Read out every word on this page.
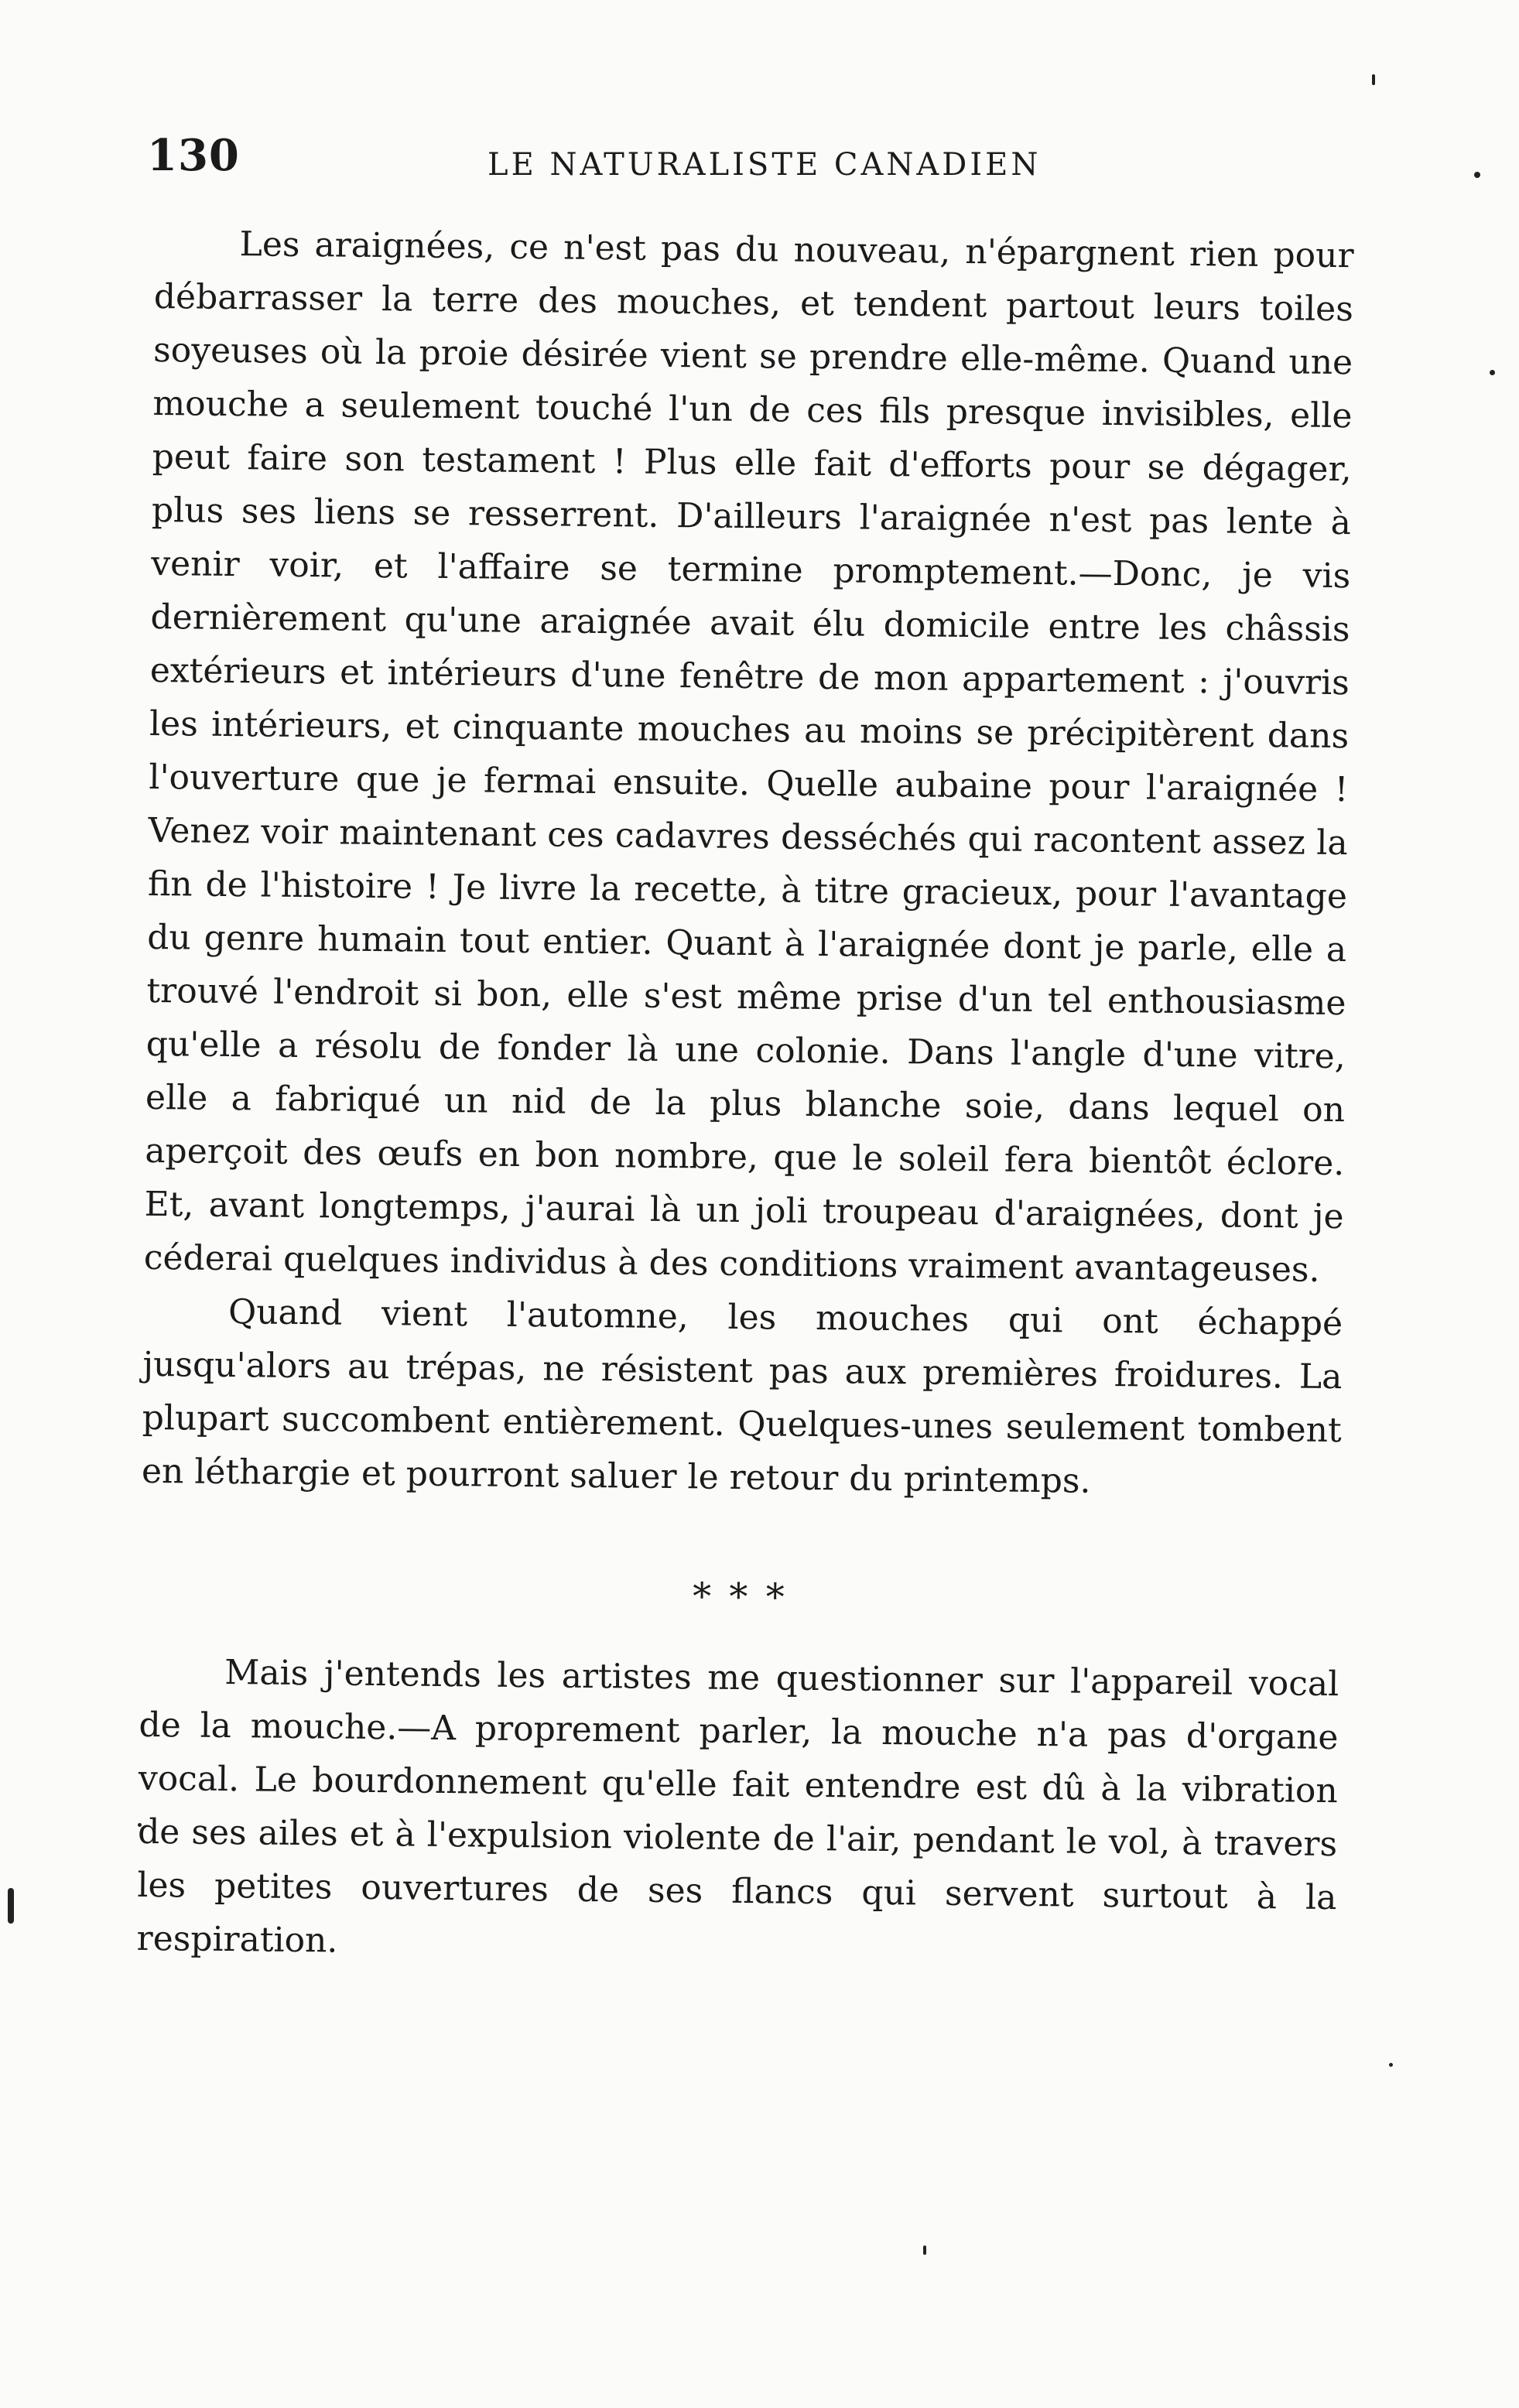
130	LE NATURALISTE CANADIEN

Les araignées, ce n'est pas du nouveau, n'épargnent rien pour débarrasser la terre des mouches, et tendent partout leurs toiles soyeuses où la proie désirée vient se prendre elle-même. Quand une mouche a seulement touché l'un de ces fils presque invisibles, elle peut faire son testament ! Plus elle fait d'efforts pour se dégager, plus ses liens se resserrent. D'ailleurs l'araignée n'est pas lente à venir voir, et l'affaire se termine promptement.—Donc, je vis dernièrement qu'une araignée avait élu domicile entre les châssis extérieurs et intérieurs d'une fenêtre de mon appartement : j'ouvris les intérieurs, et cinquante mouches au moins se précipitèrent dans l'ouverture que je fermai ensuite. Quelle aubaine pour l'araignée ! Venez voir maintenant ces cadavres desséchés qui racontent assez la fin de l'histoire ! Je livre la recette, à titre gracieux, pour l'avantage du genre humain tout entier. Quant à l'araignée dont je parle, elle a trouvé l'endroit si bon, elle s'est même prise d'un tel enthousiasme qu'elle a résolu de fonder là une colonie. Dans l'angle d'une vitre, elle a fabriqué un nid de la plus blanche soie, dans lequel on aperçoit des œufs en bon nombre, que le soleil fera bientôt éclore. Et, avant longtemps, j'aurai là un joli troupeau d'araignées, dont je céderai quelques individus à des conditions vraiment avantageuses.

Quand vient l'automne, les mouches qui ont échappé jusqu'alors au trépas, ne résistent pas aux premières froidures. La plupart succombent entièrement. Quelques-unes seulement tombent en léthargie et pourront saluer le retour du printemps.

* * *

Mais j'entends les artistes me questionner sur l'appareil vocal de la mouche.—A proprement parler, la mouche n'a pas d'organe vocal. Le bourdonnement qu'elle fait entendre est dû à la vibration de ses ailes et à l'expulsion violente de l'air, pendant le vol, à travers les petites ouvertures de ses flancs qui servent surtout à la respiration.
